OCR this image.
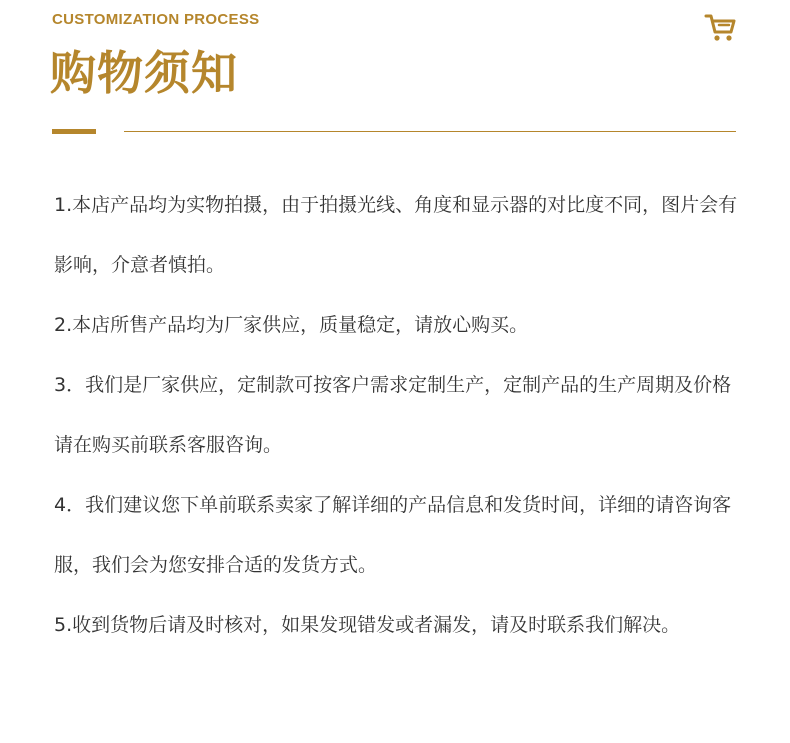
CUSTOMIZATION PROCESS
购物须知

1.本店产品均为实物拍摄，由于拍摄光线、角度和显示器的对比度不同，图片会有影响，介意者慎拍。

2.本店所售产品均为厂家供应，质量稳定，请放心购买。

3．我们是厂家供应，定制款可按客户需求定制生产，定制产品的生产周期及价格请在购买前联系客服咨询。

4．我们建议您下单前联系卖家了解详细的产品信息和发货时间，详细的请咨询客服，我们会为您安排合适的发货方式。

5.收到货物后请及时核对，如果发现错发或者漏发，请及时联系我们解决。
